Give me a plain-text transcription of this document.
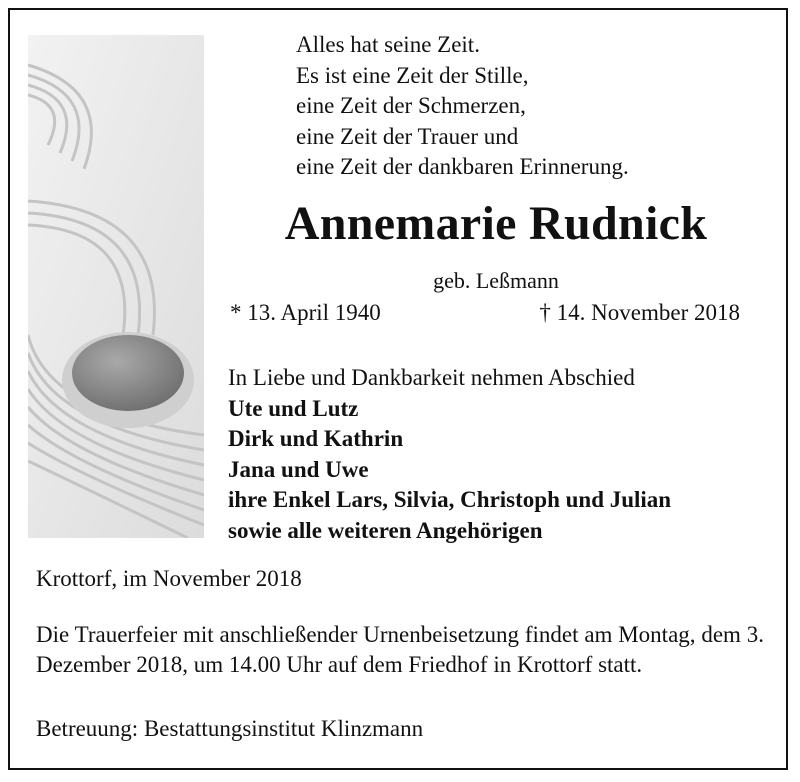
Alles hat seine Zeit.
Es ist eine Zeit der Stille,
eine Zeit der Schmerzen,
eine Zeit der Trauer und
eine Zeit der dankbaren Erinnerung.
Annemarie Rudnick
geb. Leßmann
* 13. April 1940	† 14. November 2018
In Liebe und Dankbarkeit nehmen Abschied
Ute und Lutz
Dirk und Kathrin
Jana und Uwe
ihre Enkel Lars, Silvia, Christoph und Julian
sowie alle weiteren Angehörigen
Krottorf, im November 2018
Die Trauerfeier mit anschließender Urnenbeisetzung findet am Montag, dem 3. Dezember 2018, um 14.00 Uhr auf dem Friedhof in Krottorf statt.
Betreuung: Bestattungsinstitut Klinzmann
